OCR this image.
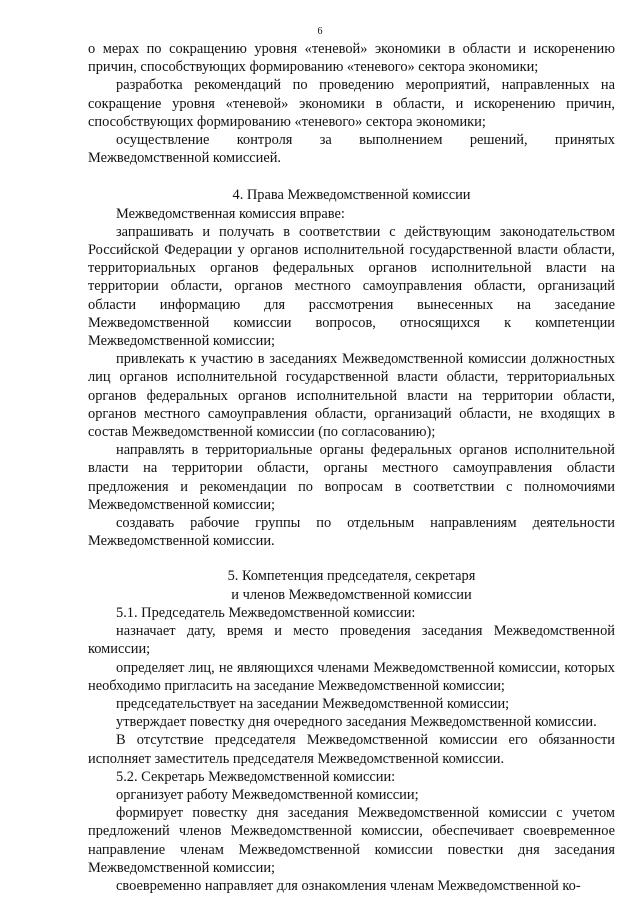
6

о мерах по сокращению уровня «теневой» экономики в области и искоренению причин, способствующих формированию «теневого» сектора экономики;

разработка рекомендаций по проведению мероприятий, направленных на сокращение уровня «теневой» экономики в области, и искоренению причин, способствующих формированию «теневого» сектора экономики;

осуществление контроля за выполнением решений, принятых Межведомственной комиссией.

4. Права Межведомственной комиссии

Межведомственная комиссия вправе:

запрашивать и получать в соответствии с действующим законодательством Российской Федерации у органов исполнительной государственной власти области, территориальных органов федеральных органов исполнительной власти на территории области, органов местного самоуправления области, организаций области информацию для рассмотрения вынесенных на заседание Межведомственной комиссии вопросов, относящихся к компетенции Межведомственной комиссии;

привлекать к участию в заседаниях Межведомственной комиссии должностных лиц органов исполнительной государственной власти области, территориальных органов федеральных органов исполнительной власти на территории области, органов местного самоуправления области, организаций области, не входящих в состав Межведомственной комиссии (по согласованию);

направлять в территориальные органы федеральных органов исполнительной власти на территории области, органы местного самоуправления области предложения и рекомендации по вопросам в соответствии с полномочиями Межведомственной комиссии;

создавать рабочие группы по отдельным направлениям деятельности Межведомственной комиссии.

5. Компетенция председателя, секретаря
и членов Межведомственной комиссии

5.1. Председатель Межведомственной комиссии:

назначает дату, время и место проведения заседания Межведомственной комиссии;

определяет лиц, не являющихся членами Межведомственной комиссии, которых необходимо пригласить на заседание Межведомственной комиссии;

председательствует на заседании Межведомственной комиссии;

утверждает повестку дня очередного заседания Межведомственной комиссии.

В отсутствие председателя Межведомственной комиссии его обязанности исполняет заместитель председателя Межведомственной комиссии.

5.2. Секретарь Межведомственной комиссии:

организует работу Межведомственной комиссии;

формирует повестку дня заседания Межведомственной комиссии с учетом предложений членов Межведомственной комиссии, обеспечивает своевременное направление членам Межведомственной комиссии повестки дня заседания Межведомственной комиссии;

своевременно направляет для ознакомления членам Межведомственной ко-
